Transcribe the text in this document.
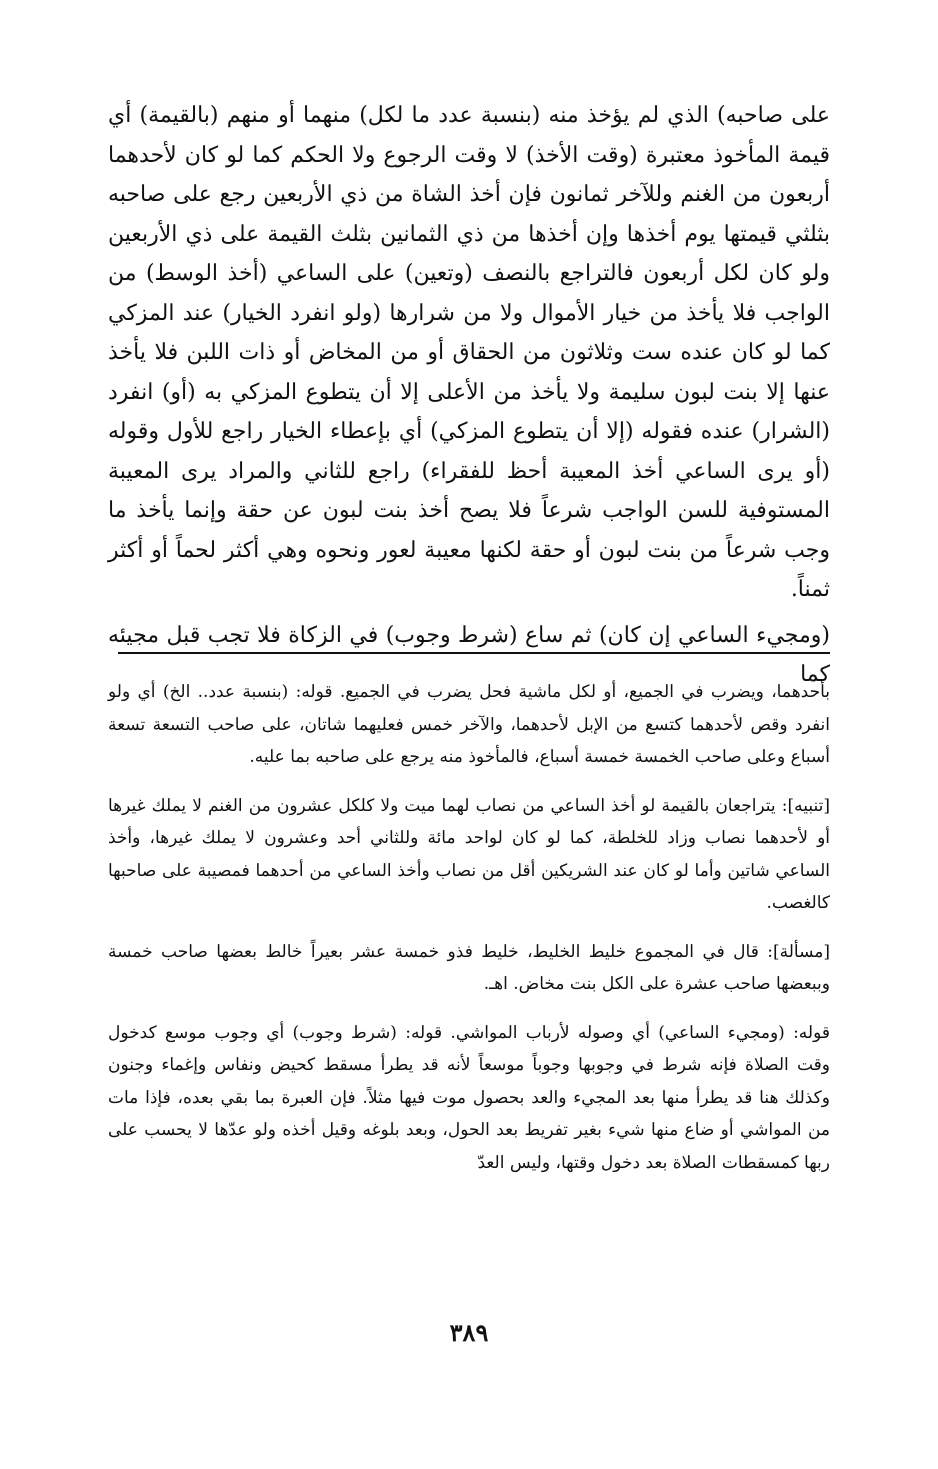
على صاحبه) الذي لم يؤخذ منه (بنسبة عدد ما لكل) منهما أو منهم (بالقيمة) أي قيمة المأخوذ معتبرة (وقت الأخذ) لا وقت الرجوع ولا الحكم كما لو كان لأحدهما أربعون من الغنم وللآخر ثمانون فإن أخذ الشاة من ذي الأربعين رجع على صاحبه بثلثي قيمتها يوم أخذها وإن أخذها من ذي الثمانين بثلث القيمة على ذي الأربعين ولو كان لكل أربعون فالتراجع بالنصف (وتعين) على الساعي (أخذ الوسط) من الواجب فلا يأخذ من خيار الأموال ولا من شرارها (ولو انفرد الخيار) عند المزكي كما لو كان عنده ست وثلاثون من الحقاق أو من المخاض أو ذات اللبن فلا يأخذ عنها إلا بنت لبون سليمة ولا يأخذ من الأعلى إلا أن يتطوع المزكي به (أو) انفرد (الشرار) عنده فقوله (إلا أن يتطوع المزكي) أي بإعطاء الخيار راجع للأول وقوله (أو يرى الساعي أخذ المعيبة أحظ للفقراء) راجع للثاني والمراد يرى المعيبة المستوفية للسن الواجب شرعاً فلا يصح أخذ بنت لبون عن حقة وإنما يأخذ ما وجب شرعاً من بنت لبون أو حقة لكنها معيبة لعور ونحوه وهي أكثر لحماً أو أكثر ثمناً.

(ومجيء الساعي إن كان) ثم ساع (شرط وجوب) في الزكاة فلا تجب قبل مجيئه كما

بأحدهما، ويضرب في الجميع، أو لكل ماشية فحل يضرب في الجميع. قوله: (بنسبة عدد.. الخ) أي ولو انفرد وقص لأحدهما كتسع من الإبل لأحدهما، والآخر خمس فعليهما شاتان، على صاحب التسعة تسعة أسباع وعلى صاحب الخمسة خمسة أسباع، فالمأخوذ منه يرجع على صاحبه بما عليه.

[تنبيه]: يتراجعان بالقيمة لو أخذ الساعي من نصاب لهما ميت ولا كلكل عشرون من الغنم لا يملك غيرها أو لأحدهما نصاب وزاد للخلطة، كما لو كان لواحد مائة وللثاني أحد وعشرون لا يملك غيرها، وأخذ الساعي شاتين وأما لو كان عند الشريكين أقل من نصاب وأخذ الساعي من أحدهما فمصيبة على صاحبها كالغصب.

[مسألة]: قال في المجموع خليط الخليط، خليط فذو خمسة عشر بعيراً خالط بعضها صاحب خمسة وببعضها صاحب عشرة على الكل بنت مخاض. اهـ.

قوله: (ومجيء الساعي) أي وصوله لأرباب المواشي. قوله: (شرط وجوب) أي وجوب موسع كدخول وقت الصلاة فإنه شرط في وجوبها وجوباً موسعاً لأنه قد يطرأ مسقط كحيض ونفاس وإغماء وجنون وكذلك هنا قد يطرأ منها بعد المجيء والعد بحصول موت فيها مثلاً. فإن العبرة بما بقي بعده، فإذا مات من المواشي أو ضاع منها شيء بغير تفريط بعد الحول، وبعد بلوغه وقيل أخذه ولو عدّها لا يحسب على ربها كمسقطات الصلاة بعد دخول وقتها، وليس العدّ

٣٨٩
